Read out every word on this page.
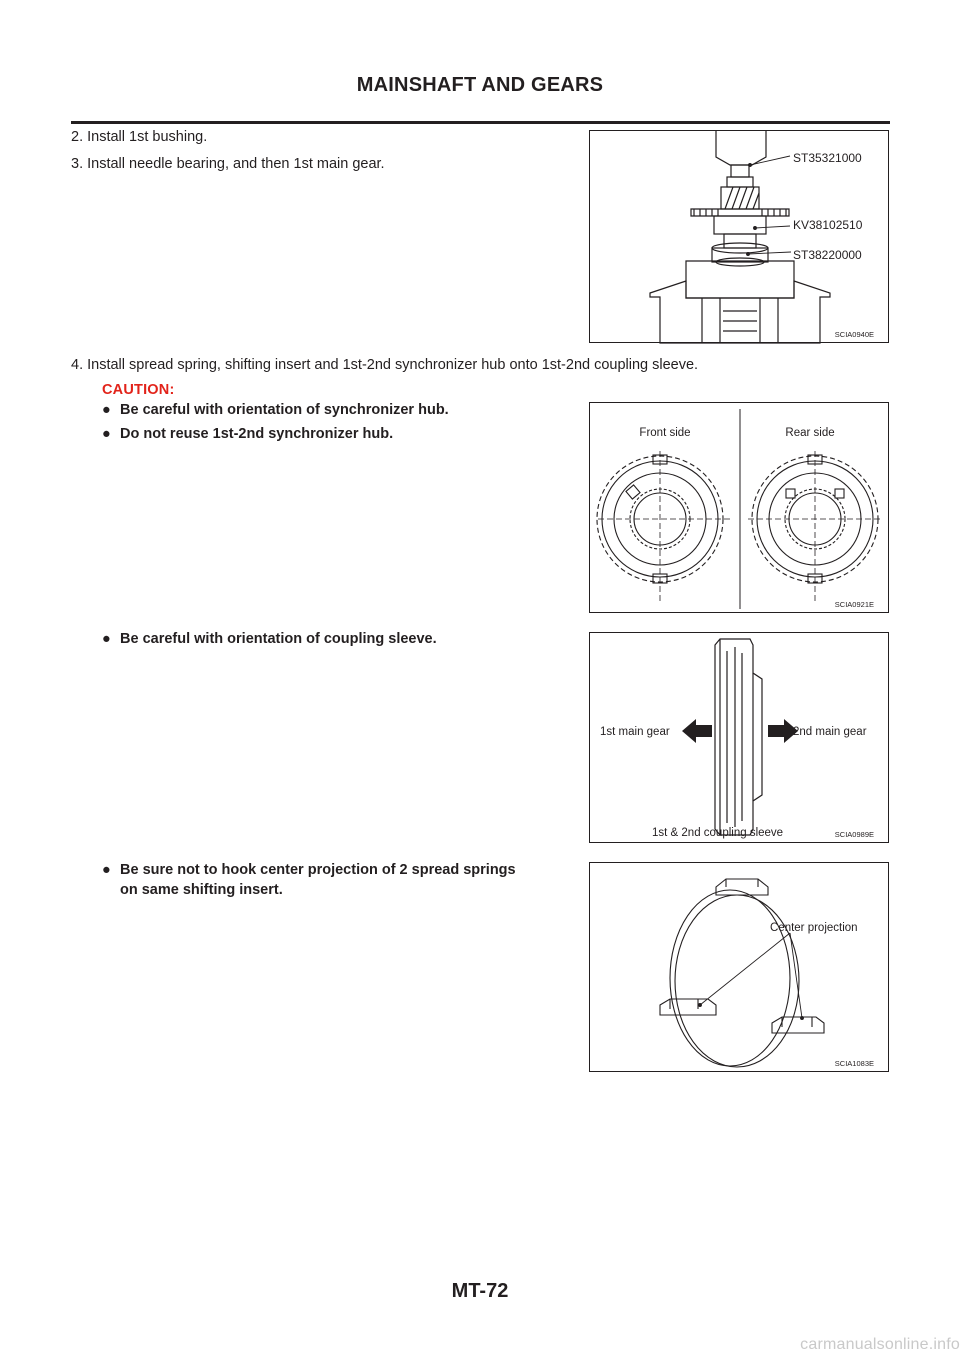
MAINSHAFT AND GEARS
2. Install 1st bushing.
3. Install needle bearing, and then 1st main gear.	ST35321000
KV38102510
ST38220000
SCIA0940E
4. Install spread spring, shifting insert and 1st-2nd synchronizer hub onto 1st-2nd coupling sleeve.
CAUTION:
● Be careful with orientation of synchronizer hub.
● Do not reuse 1st-2nd synchronizer hub.	Front side	Rear side
SCIA0921E
● Be careful with orientation of coupling sleeve.
1st main gear	2nd main gear
1st & 2nd coupling sleeve	SCIA0989E
● Be sure not to hook center projection of 2 spread springs
on same shifting insert.
Center projection
SCIA1083E
MT-72
carmanualsonline.info
